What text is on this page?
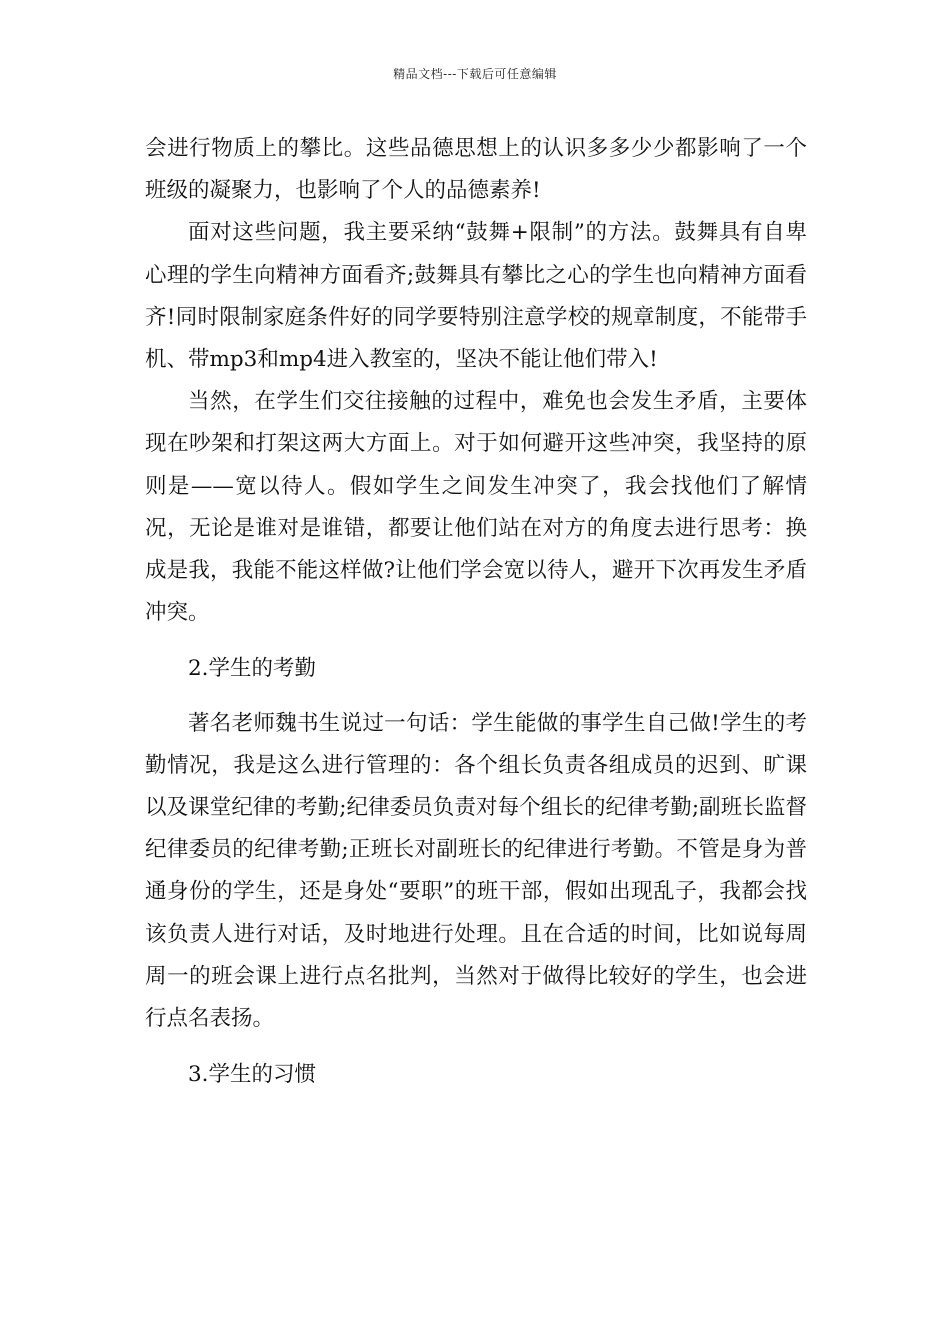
精品文档---下载后可任意编辑

会进行物质上的攀比。这些品德思想上的认识多多少少都影响了一个班级的凝聚力，也影响了个人的品德素养!

面对这些问题，我主要采纳“鼓舞+限制”的方法。鼓舞具有自卑心理的学生向精神方面看齐;鼓舞具有攀比之心的学生也向精神方面看齐!同时限制家庭条件好的同学要特别注意学校的规章制度，不能带手机、带mp3和mp4进入教室的，坚决不能让他们带入!

当然，在学生们交往接触的过程中，难免也会发生矛盾，主要体现在吵架和打架这两大方面上。对于如何避开这些冲突，我坚持的原则是——宽以待人。假如学生之间发生冲突了，我会找他们了解情况，无论是谁对是谁错，都要让他们站在对方的角度去进行思考：换成是我，我能不能这样做?让他们学会宽以待人，避开下次再发生矛盾冲突。

2.学生的考勤

著名老师魏书生说过一句话：学生能做的事学生自己做!学生的考勤情况，我是这么进行管理的：各个组长负责各组成员的迟到、旷课以及课堂纪律的考勤;纪律委员负责对每个组长的纪律考勤;副班长监督纪律委员的纪律考勤;正班长对副班长的纪律进行考勤。不管是身为普通身份的学生，还是身处“要职”的班干部，假如出现乱子，我都会找该负责人进行对话，及时地进行处理。且在合适的时间，比如说每周周一的班会课上进行点名批判，当然对于做得比较好的学生，也会进行点名表扬。

3.学生的习惯
